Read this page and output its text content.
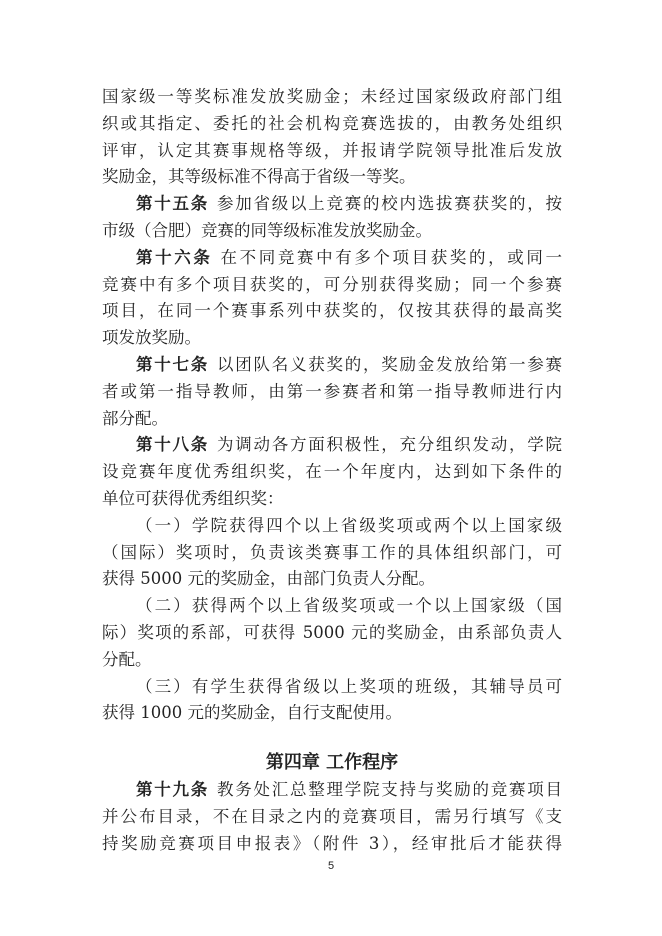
国家级一等奖标准发放奖励金；未经过国家级政府部门组
织或其指定、委托的社会机构竞赛选拔的，由教务处组织
评审，认定其赛事规格等级，并报请学院领导批准后发放
奖励金，其等级标准不得高于省级一等奖。
第十五条 参加省级以上竞赛的校内选拔赛获奖的，按
市级（合肥）竞赛的同等级标准发放奖励金。
第十六条 在不同竞赛中有多个项目获奖的，或同一
竞赛中有多个项目获奖的，可分别获得奖励；同一个参赛
项目，在同一个赛事系列中获奖的，仅按其获得的最高奖
项发放奖励。
第十七条 以团队名义获奖的，奖励金发放给第一参赛
者或第一指导教师，由第一参赛者和第一指导教师进行内
部分配。
第十八条 为调动各方面积极性，充分组织发动，学院
设竞赛年度优秀组织奖，在一个年度内，达到如下条件的
单位可获得优秀组织奖：
（一）学院获得四个以上省级奖项或两个以上国家级
（国际）奖项时，负责该类赛事工作的具体组织部门，可
获得 5000 元的奖励金，由部门负责人分配。
（二）获得两个以上省级奖项或一个以上国家级（国
际）奖项的系部，可获得 5000 元的奖励金，由系部负责人
分配。
（三）有学生获得省级以上奖项的班级，其辅导员可
获得 1000 元的奖励金，自行支配使用。
第四章 工作程序
第十九条 教务处汇总整理学院支持与奖励的竞赛项目
并公布目录，不在目录之内的竞赛项目，需另行填写《支
持奖励竞赛项目申报表》（附件 3），经审批后才能获得
5
